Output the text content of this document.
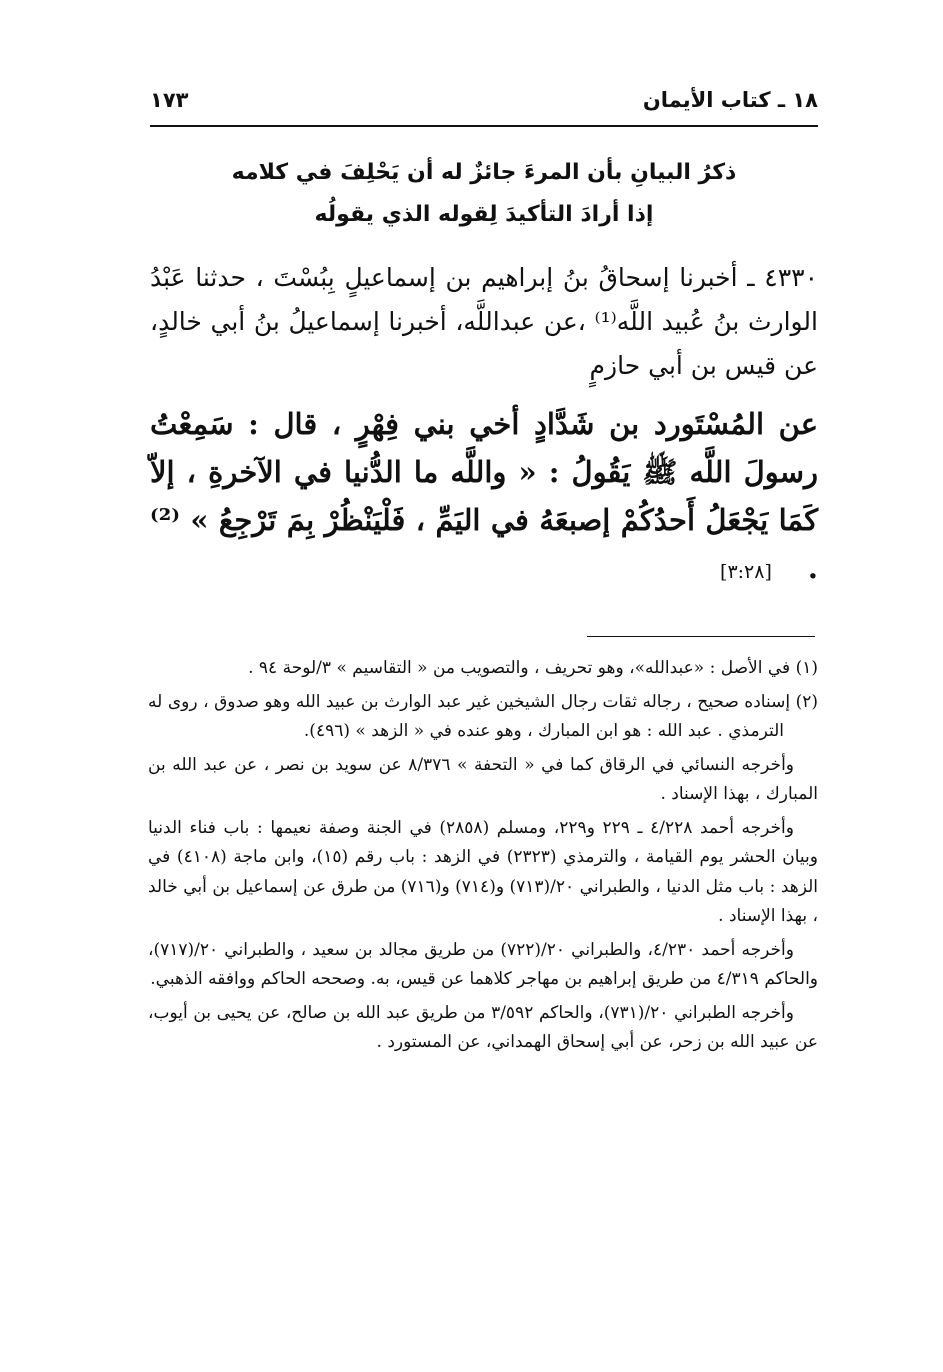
١٨ ـ كتاب الأيمان
١٧٣
ذكرُ البيانِ بأن المرءَ جائزٌ له أن يَحْلِفَ في كلامه
إذا أرادَ التأكيدَ لِقوله الذي يقولُه
٤٣٣٠ ـ أخبرنا إسحاقُ بنُ إبراهيم بن إسماعيلٍ بِبُسْتَ ، حدثنا عَبْدُ الوارث بنُ عُبيد اللَّه⁽¹⁾ ،عن عبداللَّه، أخبرنا إسماعيلُ بنُ أبي خالدٍ، عن قيس بن أبي حازمٍ
عن المُسْتَورد بن شَدَّادٍ أخي بني فِهْرٍ ، قال : سَمِعْتُ رسولَ اللَّه ﷺ يَقُولُ : « واللَّه ما الدُّنيا في الآخرةِ ، إلاّ كَمَا يَجْعَلُ أَحدُكُمْ إصبعَهُ في اليَمِّ ، فَلْيَنْظُرْ بِمَ تَرْجِعُ » ⁽²⁾ .[٣:٢٨]

(١) في الأصل : «عبدالله»، وهو تحريف ، والتصويب من « التقاسيم » ٣/لوحة ٩٤ .

(٢) إسناده صحيح ، رجاله ثقات رجال الشيخين غير عبد الوارث بن عبيد الله وهو صدوق ، روى له الترمذي . عبد الله : هو ابن المبارك ، وهو عنده في « الزهد » (٤٩٦).

وأخرجه النسائي في الرقاق كما في « التحفة » ٨/٣٧٦ عن سويد بن نصر ، عن عبد الله بن المبارك ، بهذا الإسناد .

وأخرجه أحمد ٤/٢٢٨ ـ ٢٢٩ و٢٢٩، ومسلم (٢٨٥٨) في الجنة وصفة نعيمها : باب فناء الدنيا وبيان الحشر يوم القيامة ، والترمذي (٢٣٢٣) في الزهد : باب رقم (١٥)، وابن ماجة (٤١٠٨) في الزهد : باب مثل الدنيا ، والطبراني ٢٠/(٧١٣) و(٧١٤) و(٧١٦) من طرق عن إسماعيل بن أبي خالد ، بهذا الإسناد .

وأخرجه أحمد ٤/٢٣٠، والطبراني ٢٠/(٧٢٢) من طريق مجالد بن سعيد ، والطبراني ٢٠/(٧١٧)، والحاكم ٤/٣١٩ من طريق إبراهيم بن مهاجر كلاهما عن قيس، به. وصححه الحاكم ووافقه الذهبي.

وأخرجه الطبراني ٢٠/(٧٣١)، والحاكم ٣/٥٩٢ من طريق عبد الله بن صالح، عن يحيى بن أيوب، عن عبيد الله بن زحر، عن أبي إسحاق الهمداني، عن المستورد .
